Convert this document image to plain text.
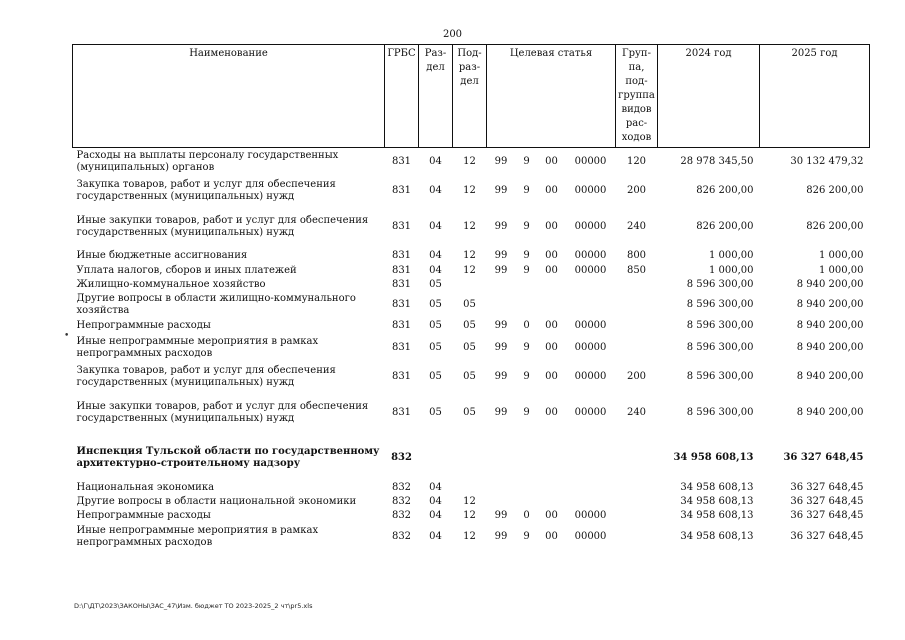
200
•
Наименование	ГРБС	Раз-дел	Под-раз-дел	Целевая статья				Груп-па, под-группа видов рас-ходов	2024 год	2025 год
Расходы на выплаты персоналу государственных (муниципальных) органов	831	04	12	99	9	00	00000	120	28 978 345,50	30 132 479,32
Закупка товаров, работ и услуг для обеспечения государственных (муниципальных) нужд	831	04	12	99	9	00	00000	200	826 200,00	826 200,00
Иные закупки товаров, работ и услуг для обеспечения государственных (муниципальных) нужд	831	04	12	99	9	00	00000	240	826 200,00	826 200,00
Иные бюджетные ассигнования	831	04	12	99	9	00	00000	800	1 000,00	1 000,00
Уплата налогов, сборов и иных платежей	831	04	12	99	9	00	00000	850	1 000,00	1 000,00
Жилищно-коммунальное хозяйство	831	05							8 596 300,00	8 940 200,00
Другие вопросы в области жилищно-коммунального хозяйства	831	05	05						8 596 300,00	8 940 200,00
Непрограммные расходы	831	05	05	99	0	00	00000		8 596 300,00	8 940 200,00
Иные непрограммные мероприятия в рамках непрограммных расходов	831	05	05	99	9	00	00000		8 596 300,00	8 940 200,00
Закупка товаров, работ и услуг для обеспечения государственных (муниципальных) нужд	831	05	05	99	9	00	00000	200	8 596 300,00	8 940 200,00
Иные закупки товаров, работ и услуг для обеспечения государственных (муниципальных) нужд	831	05	05	99	9	00	00000	240	8 596 300,00	8 940 200,00
Инспекция Тульской области по государственному архитектурно-строительному надзору	832								34 958 608,13	36 327 648,45
Национальная экономика	832	04							34 958 608,13	36 327 648,45
Другие вопросы в области национальной экономики	832	04	12						34 958 608,13	36 327 648,45
Непрограммные расходы	832	04	12	99	0	00	00000		34 958 608,13	36 327 648,45
Иные непрограммные мероприятия в рамках непрограммных расходов	832	04	12	99	9	00	00000		34 958 608,13	36 327 648,45
D:\Г\ДТ\2023\ЗАКОНЫ\ЗАС_47\Изм. бюджет ТО 2023-2025_2 чт\pr5.xls
